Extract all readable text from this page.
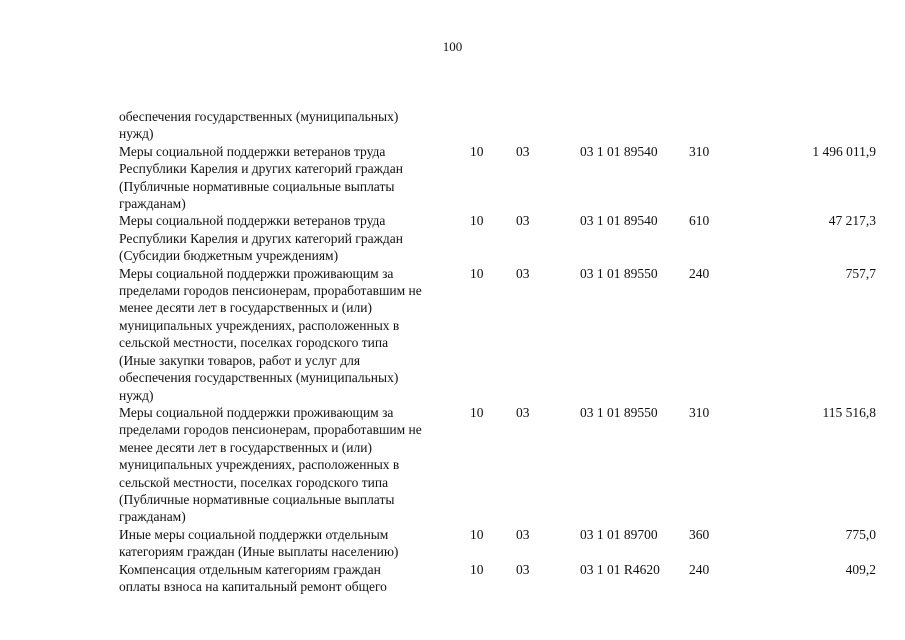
100
обеспечения государственных (муниципальных)
нужд)
Меры социальной поддержки ветеранов труда
Республики Карелия и других категорий граждан
(Публичные нормативные социальные выплаты
гражданам)
10 03	03 1 01 89540 310	1 496 011,9
Меры социальной поддержки ветеранов труда
Республики Карелия и других категорий граждан
(Субсидии бюджетным учреждениям)
10 03	03 1 01 89540 610	47 217,3
Меры социальной поддержки проживающим за
пределами городов пенсионерам, проработавшим не
менее десяти лет в государственных и (или)
муниципальных учреждениях, расположенных в
сельской местности, поселках городского типа
(Иные закупки товаров, работ и услуг для
обеспечения государственных (муниципальных)
нужд)
10 03	03 1 01 89550 240	757,7
Меры социальной поддержки проживающим за
пределами городов пенсионерам, проработавшим не
менее десяти лет в государственных и (или)
муниципальных учреждениях, расположенных в
сельской местности, поселках городского типа
(Публичные нормативные социальные выплаты
гражданам)
10 03	03 1 01 89550 310	115 516,8
Иные меры социальной поддержки отдельным
категориям граждан (Иные выплаты населению)
10 03	03 1 01 89700 360	775,0
Компенсация отдельным категориям граждан
оплаты взноса на капитальный ремонт общего
10 03	03 1 01 R4620 240	409,2
